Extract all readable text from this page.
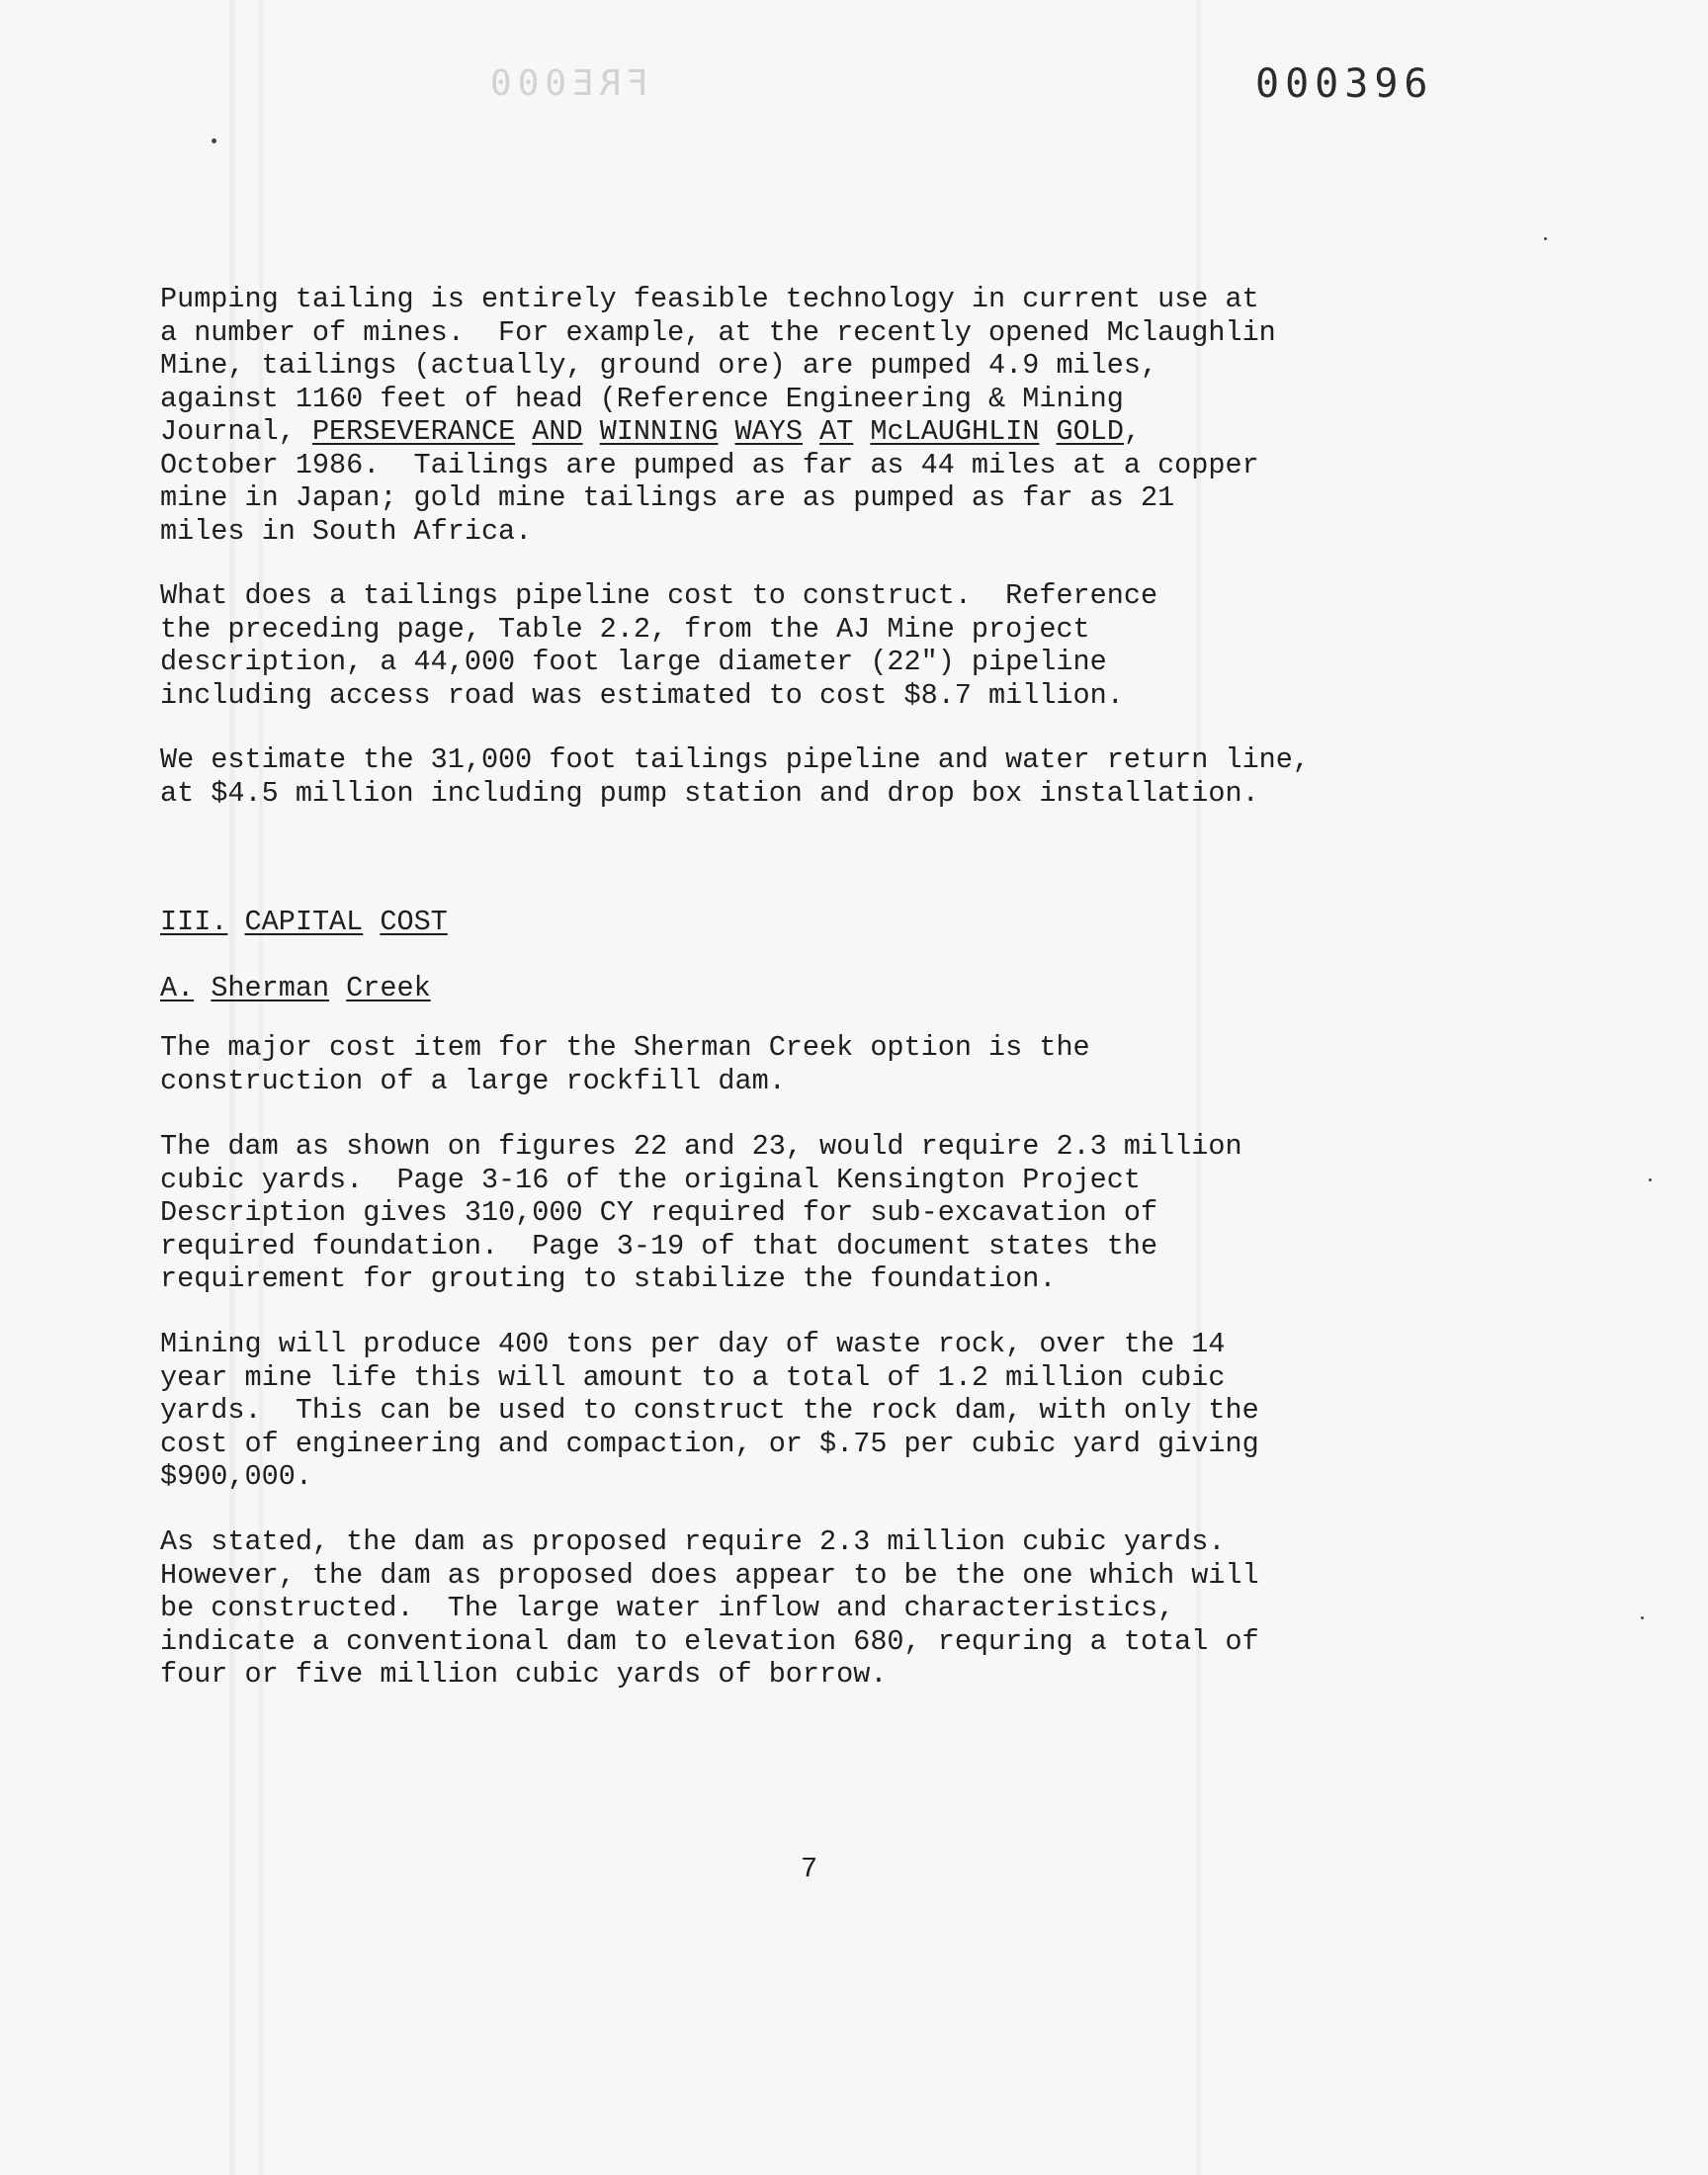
FRE000	000396
Pumping tailing is entirely feasible technology in current use at
a number of mines.  For example, at the recently opened Mclaughlin
Mine, tailings (actually, ground ore) are pumped 4.9 miles,
against 1160 feet of head (Reference Engineering & Mining
Journal, PERSEVERANCE AND WINNING WAYS AT McLAUGHLIN GOLD,
October 1986.  Tailings are pumped as far as 44 miles at a copper
mine in Japan; gold mine tailings are as pumped as far as 21
miles in South Africa.
What does a tailings pipeline cost to construct.  Reference
the preceding page, Table 2.2, from the AJ Mine project
description, a 44,000 foot large diameter (22") pipeline
including access road was estimated to cost $8.7 million.
We estimate the 31,000 foot tailings pipeline and water return line,
at $4.5 million including pump station and drop box installation.
III. CAPITAL COST
A. Sherman Creek
The major cost item for the Sherman Creek option is the
construction of a large rockfill dam.
The dam as shown on figures 22 and 23, would require 2.3 million
cubic yards.  Page 3-16 of the original Kensington Project
Description gives 310,000 CY required for sub-excavation of
required foundation.  Page 3-19 of that document states the
requirement for grouting to stabilize the foundation.
Mining will produce 400 tons per day of waste rock, over the 14
year mine life this will amount to a total of 1.2 million cubic
yards.  This can be used to construct the rock dam, with only the
cost of engineering and compaction, or $.75 per cubic yard giving
$900,000.
As stated, the dam as proposed require 2.3 million cubic yards.
However, the dam as proposed does appear to be the one which will
be constructed.  The large water inflow and characteristics,
indicate a conventional dam to elevation 680, requring a total of
four or five million cubic yards of borrow.
7
